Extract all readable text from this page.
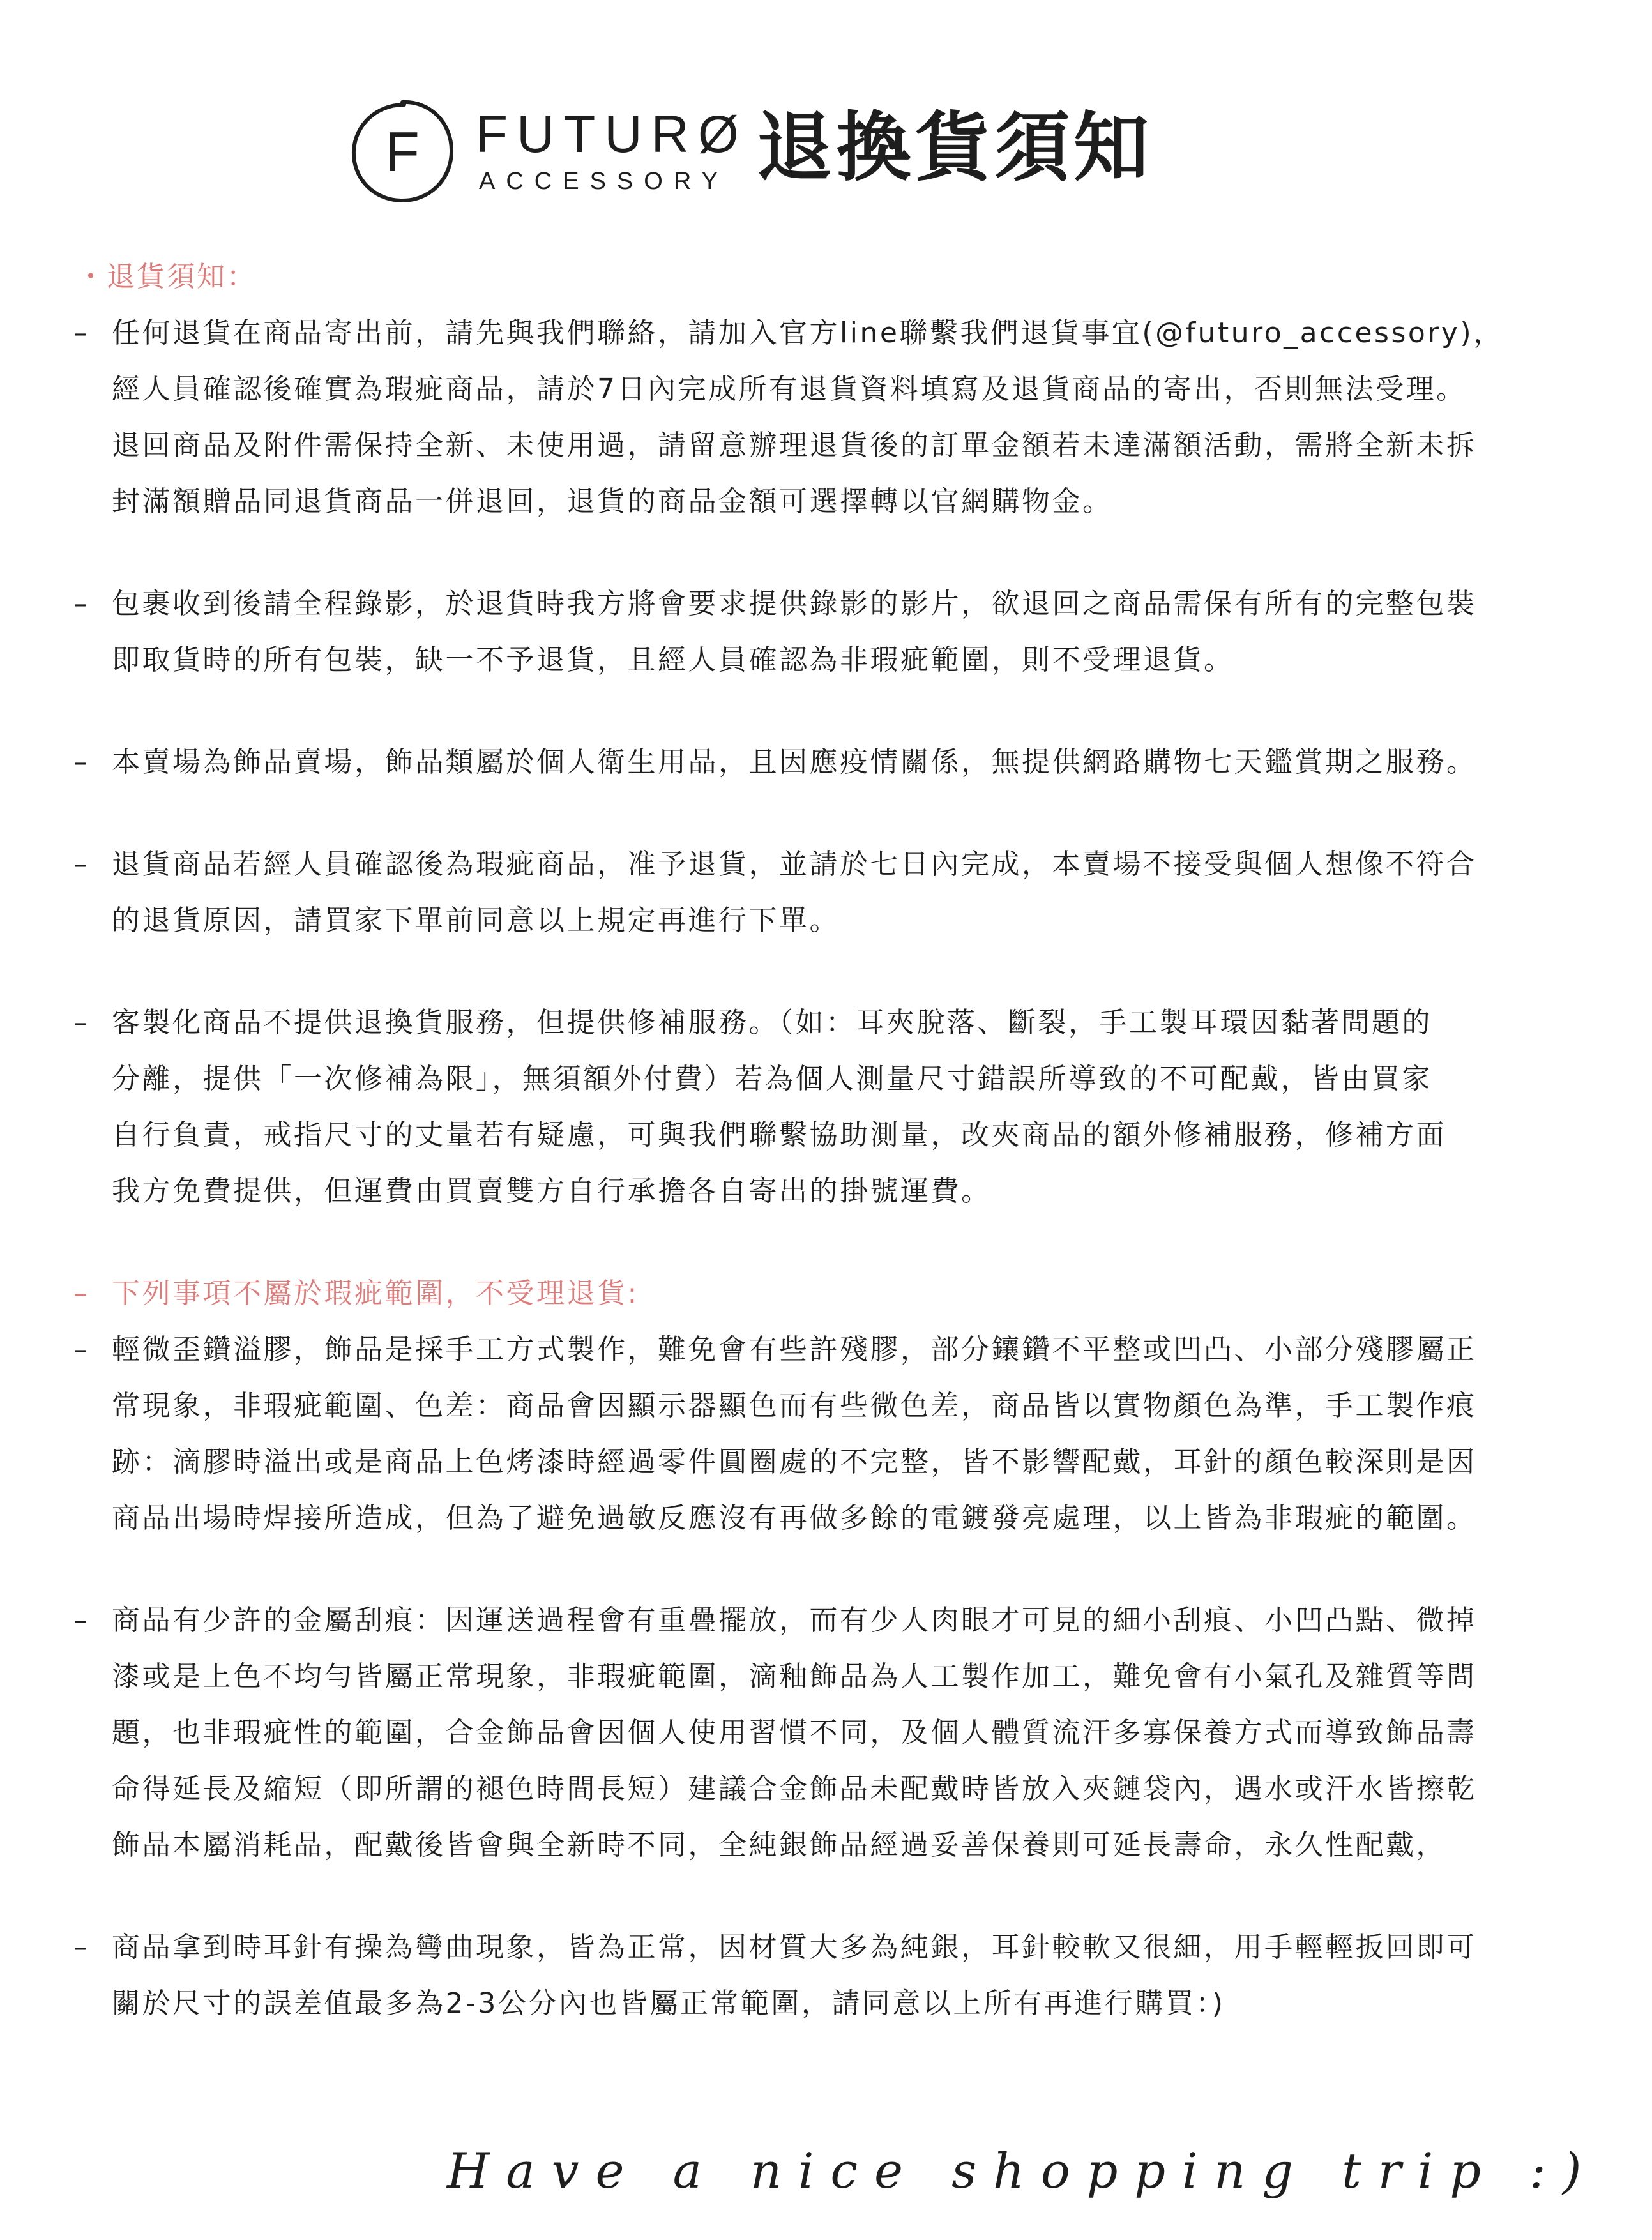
F FUTURØ
ACCESSORY 退換貨須知
・退貨須知：
– 任何退貨在商品寄出前，請先與我們聯絡，請加入官方line聯繫我們退貨事宜(@futuro_accessory)，
經人員確認後確實為瑕疵商品，請於7日內完成所有退貨資料填寫及退貨商品的寄出，否則無法受理。
退回商品及附件需保持全新、未使用過，請留意辦理退貨後的訂單金額若未達滿額活動，需將全新未拆
封滿額贈品同退貨商品一併退回，退貨的商品金額可選擇轉以官網購物金。
– 包裹收到後請全程錄影，於退貨時我方將會要求提供錄影的影片，欲退回之商品需保有所有的完整包裝
即取貨時的所有包裝，缺一不予退貨，且經人員確認為非瑕疵範圍，則不受理退貨。
– 本賣場為飾品賣場，飾品類屬於個人衛生用品，且因應疫情關係，無提供網路購物七天鑑賞期之服務。
– 退貨商品若經人員確認後為瑕疵商品，准予退貨，並請於七日內完成，本賣場不接受與個人想像不符合
的退貨原因，請買家下單前同意以上規定再進行下單。
– 客製化商品不提供退換貨服務，但提供修補服務。（如：耳夾脫落、斷裂，手工製耳環因黏著問題的
分離，提供「一次修補為限」，無須額外付費）若為個人測量尺寸錯誤所導致的不可配戴，皆由買家
自行負責，戒指尺寸的丈量若有疑慮，可與我們聯繫協助測量，改夾商品的額外修補服務，修補方面
我方免費提供，但運費由買賣雙方自行承擔各自寄出的掛號運費。
– 下列事項不屬於瑕疵範圍，不受理退貨:
– 輕微歪鑽溢膠，飾品是採手工方式製作，難免會有些許殘膠，部分鑲鑽不平整或凹凸、小部分殘膠屬正
常現象，非瑕疵範圍、色差：商品會因顯示器顯色而有些微色差，商品皆以實物顏色為準，手工製作痕
跡：滴膠時溢出或是商品上色烤漆時經過零件圓圈處的不完整，皆不影響配戴，耳針的顏色較深則是因
商品出場時焊接所造成，但為了避免過敏反應沒有再做多餘的電鍍發亮處理，以上皆為非瑕疵的範圍。
– 商品有少許的金屬刮痕：因運送過程會有重疊擺放，而有少人肉眼才可見的細小刮痕、小凹凸點、微掉
漆或是上色不均勻皆屬正常現象，非瑕疵範圍，滴釉飾品為人工製作加工，難免會有小氣孔及雜質等問
題，也非瑕疵性的範圍，合金飾品會因個人使用習慣不同，及個人體質流汗多寡保養方式而導致飾品壽
命得延長及縮短（即所謂的褪色時間長短）建議合金飾品未配戴時皆放入夾鏈袋內，遇水或汗水皆擦乾
飾品本屬消耗品，配戴後皆會與全新時不同，全純銀飾品經過妥善保養則可延長壽命，永久性配戴，
– 商品拿到時耳針有操為彎曲現象，皆為正常，因材質大多為純銀，耳針較軟又很細，用手輕輕扳回即可
關於尺寸的誤差值最多為2-3公分內也皆屬正常範圍，請同意以上所有再進行購買：)
Have a nice shopping trip :)
